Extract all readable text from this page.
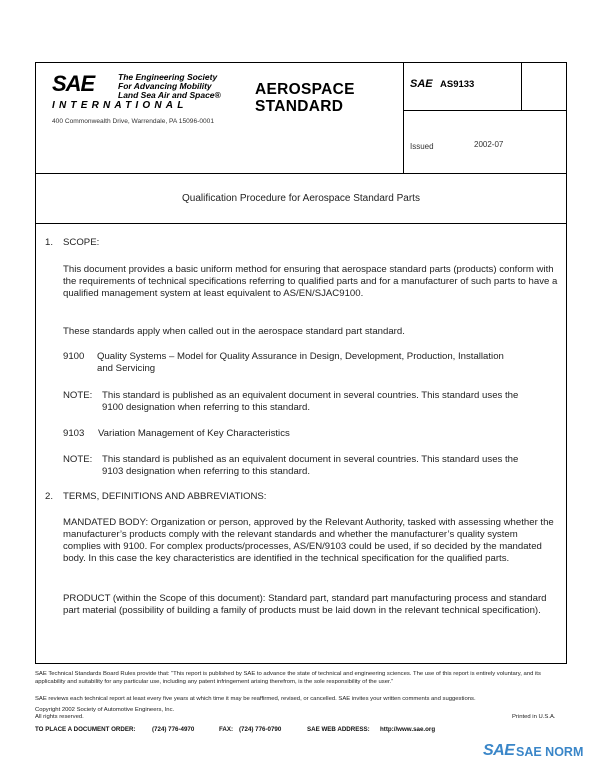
SAE	The Engineering Society
For Advancing Mobility
Land Sea Air and Space®
INTERNATIONAL
400 Commonwealth Drive, Warrendale, PA 15096-0001
AEROSPACE
STANDARD
SAE AS9133
Issued	2002-07
Qualification Procedure for Aerospace Standard Parts
1. SCOPE:
This document provides a basic uniform method for ensuring that aerospace standard parts (products) conform with the requirements of technical specifications referring to qualified parts and for a manufacturer of such parts to have a qualified management system at least equivalent to AS/EN/SJAC9100.
These standards apply when called out in the aerospace standard part standard.
9100 Quality Systems – Model for Quality Assurance in Design, Development, Production, Installation and Servicing
NOTE: This standard is published as an equivalent document in several countries. This standard uses the 9100 designation when referring to this standard.
9103 Variation Management of Key Characteristics
NOTE: This standard is published as an equivalent document in several countries. This standard uses the 9103 designation when referring to this standard.
2. TERMS, DEFINITIONS AND ABBREVIATIONS:
MANDATED BODY: Organization or person, approved by the Relevant Authority, tasked with assessing whether the manufacturer’s products comply with the relevant standards and whether the manufacturer’s quality system complies with 9100. For complex products/processes, AS/EN/9103 could be used, if so decided by the mandated body. In this case the key characteristics are identified in the technical specification for the qualified parts.
PRODUCT (within the Scope of this document): Standard part, standard part manufacturing process and standard part material (possibility of building a family of products must be laid down in the relevant technical specification).
SAE Technical Standards Board Rules provide that: “This report is published by SAE to advance the state of technical and engineering sciences. The use of this report is entirely voluntary, and its applicability and suitability for any particular use, including any patent infringement arising therefrom, is the sole responsibility of the user.”
SAE reviews each technical report at least every five years at which time it may be reaffirmed, revised, or cancelled. SAE invites your written comments and suggestions.
Copyright 2002 Society of Automotive Engineers, Inc.
All rights reserved.	Printed in U.S.A.
TO PLACE A DOCUMENT ORDER:	(724) 776-4970	FAX: (724) 776-0790	SAE WEB ADDRESS: http://www.sae.org
SAE SAE NORM
